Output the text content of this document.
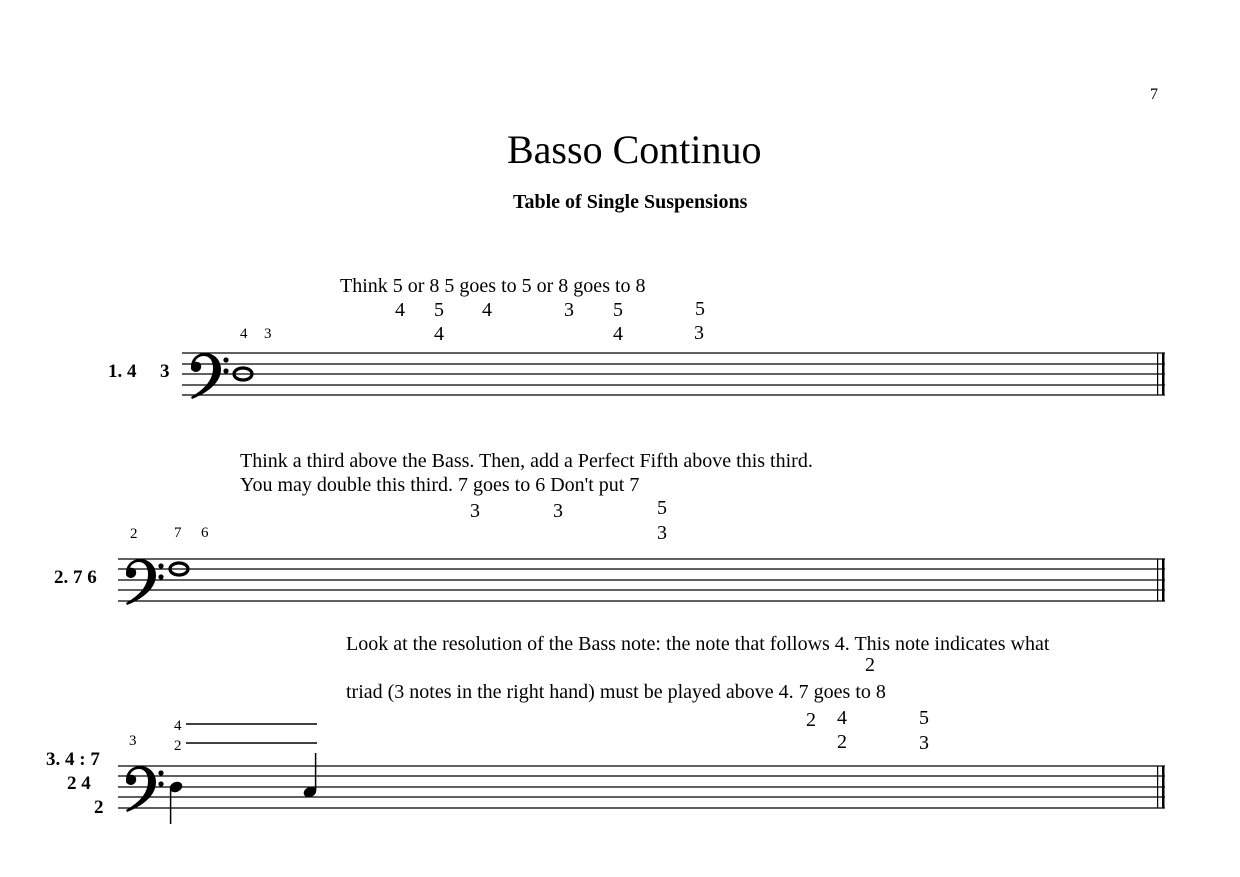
7
Basso Continuo
Table of Single Suspensions
Think 5 or 8 5 goes to 5 or 8 goes to 8
4 5 4	3 5	5
4	4	3
4 3
1. 4 3
Think a third above the Bass. Then, add a Perfect Fifth above this third.
You may double this third. 7 goes to 6 Don't put 7
3	3	5
3
2 7 6
2. 7 6
Look at the resolution of the Bass note: the note that follows 4. This note indicates what
2
triad (3 notes in the right hand) must be played above 4. 7 goes to 8
2 4	5
2	3
3
4
2
3. 4 : 7
2 4
2
